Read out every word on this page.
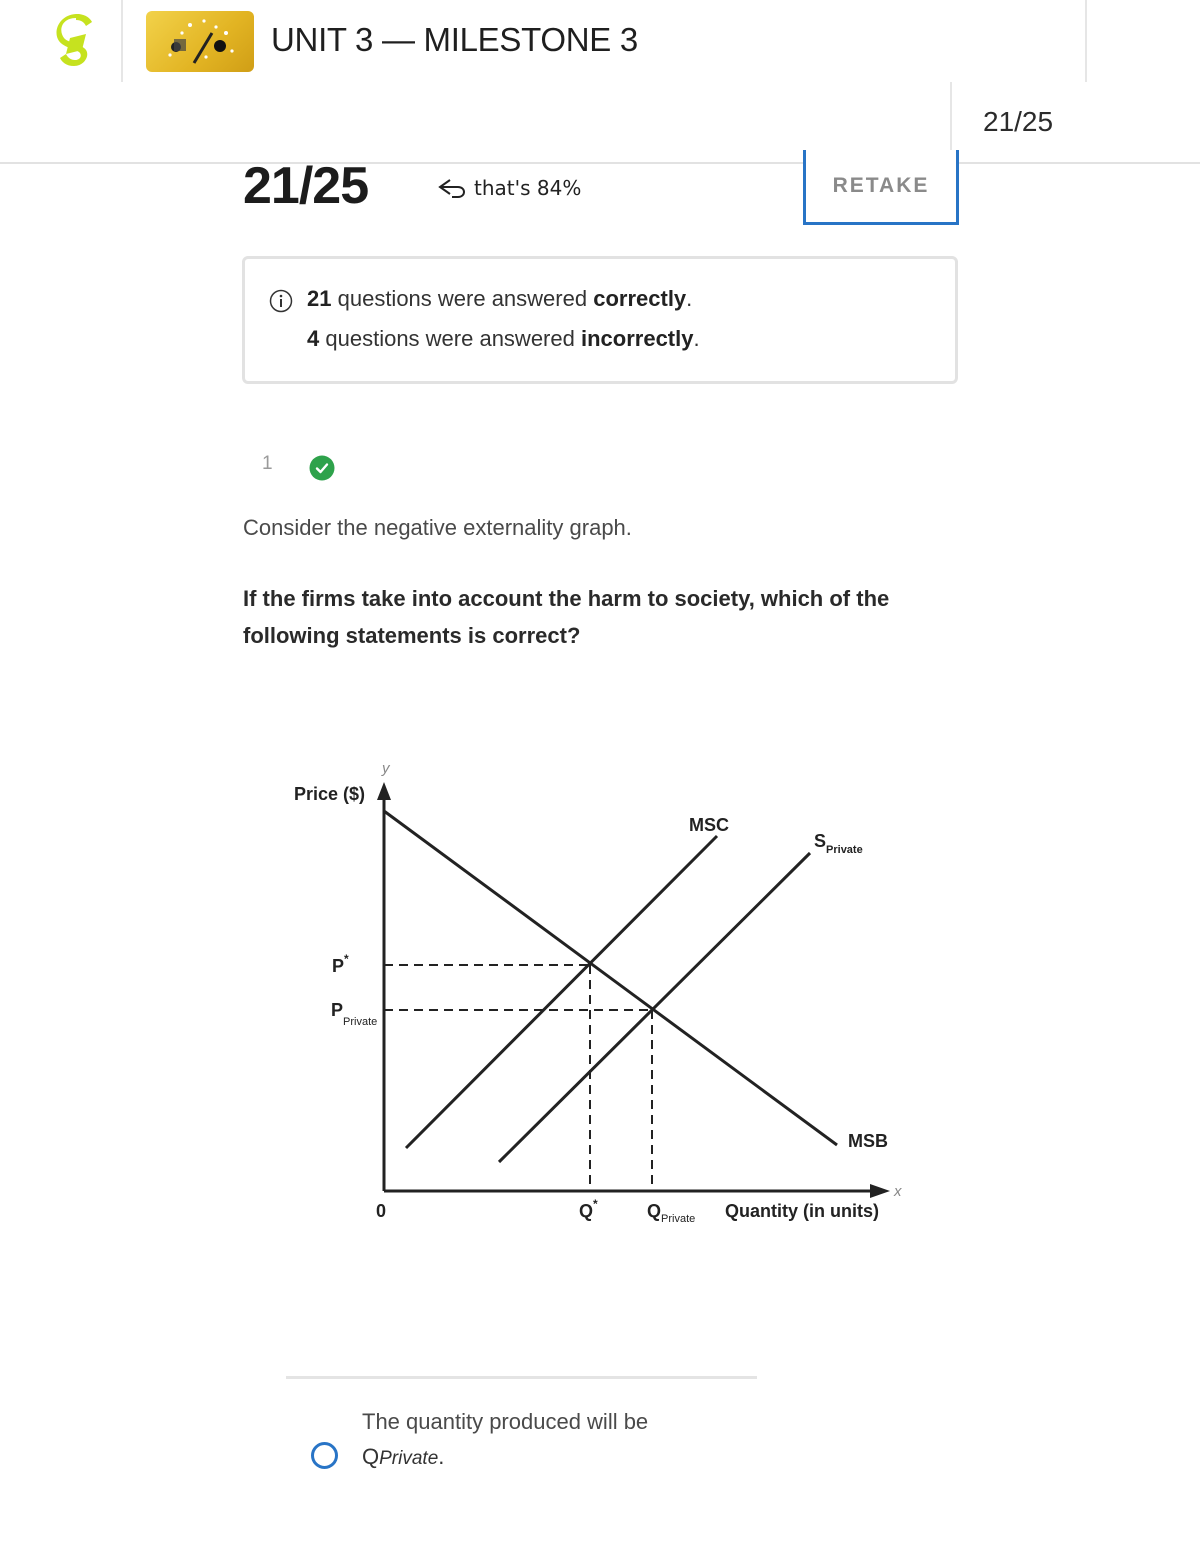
UNIT 3 — MILESTONE 3
21/25
21/25	that's 84%	RETAKE
21 questions were answered correctly.
4 questions were answered incorrectly.
1
Consider the negative externality graph.
If the firms take into account the harm to society, which of the following statements is correct?
y
x
Price ($)
Quantity (in units)
0
MSC
$S_{Private}$
MSB
P*
$P_{Private}$
Q*	$Q_{Private}$
The quantity produced will be
QPrivate.
